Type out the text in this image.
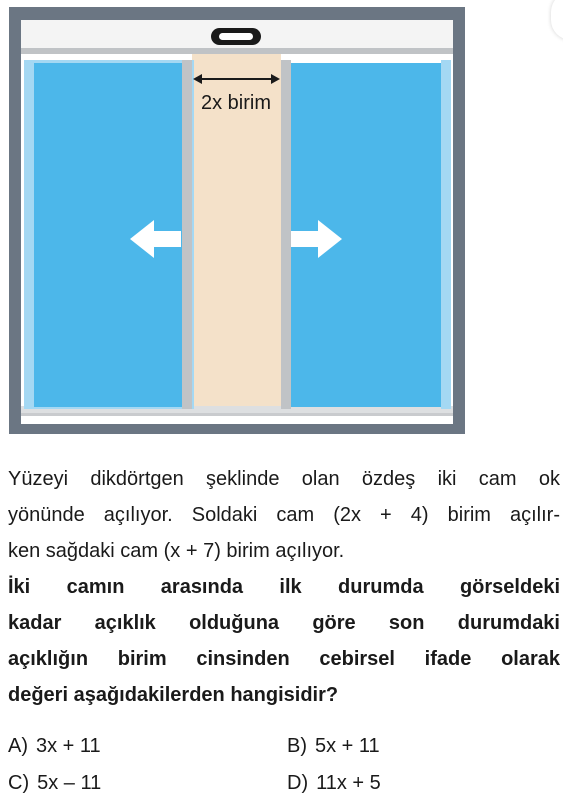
2x birim
Yüzeyi dikdörtgen şeklinde olan özdeş iki cam ok
yönünde açılıyor. Soldaki cam (2x + 4) birim açılır-
ken sağdaki cam (x + 7) birim açılıyor.
İki camın arasında ilk durumda görseldeki
kadar açıklık olduğuna göre son durumdaki
açıklığın birim cinsinden cebirsel ifade olarak
değeri aşağıdakilerden hangisidir?
A) 3x + 11	B) 5x + 11
C) 5x – 11	D) 11x + 5
